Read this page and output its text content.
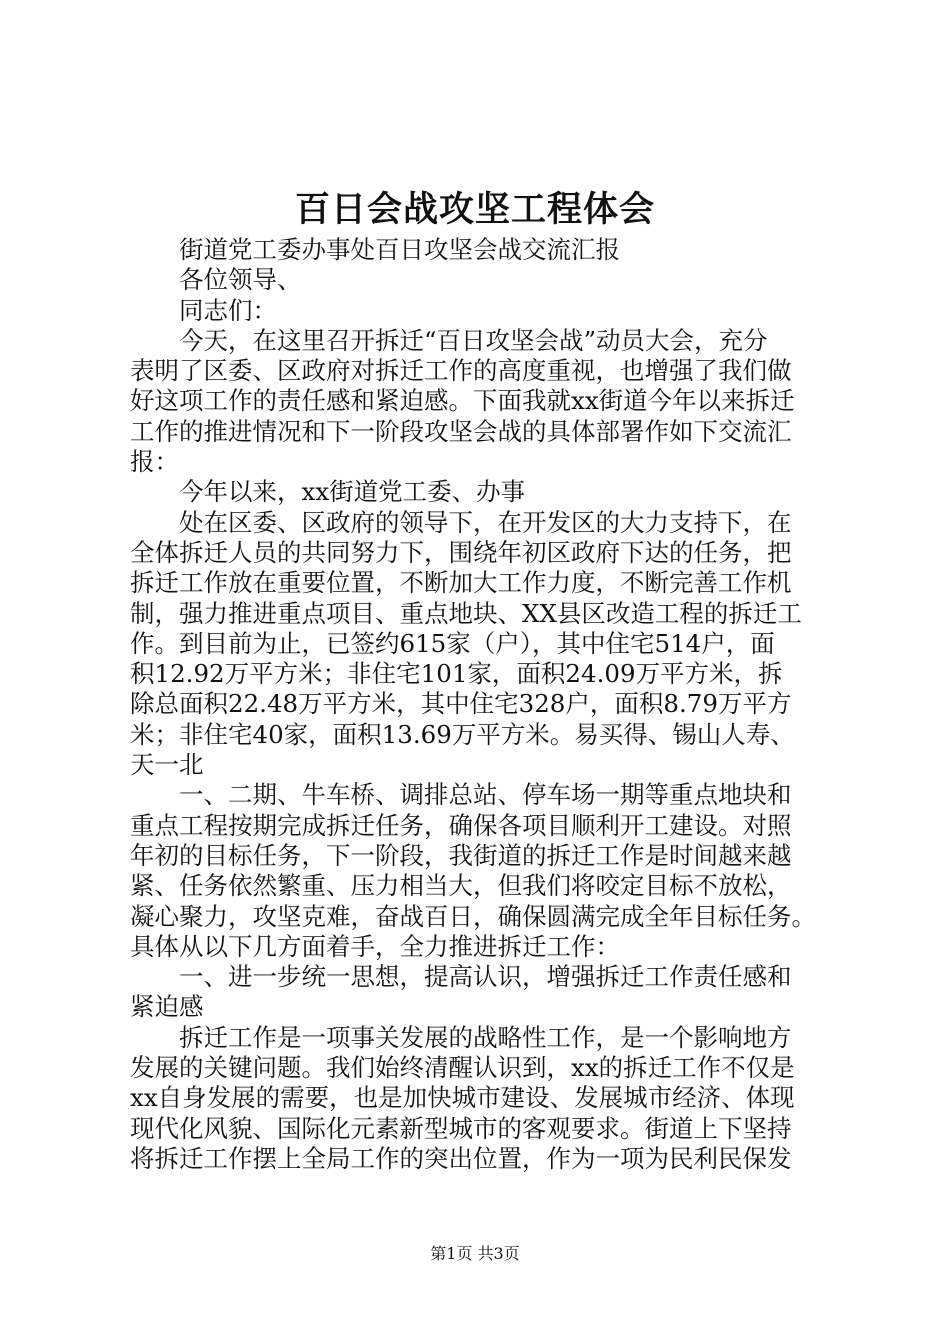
百日会战攻坚工程体会
街道党工委办事处百日攻坚会战交流汇报
各位领导、
同志们：
今天，在这里召开拆迁“百日攻坚会战”动员大会，充分
表明了区委、区政府对拆迁工作的高度重视，也增强了我们做
好这项工作的责任感和紧迫感。下面我就xx街道今年以来拆迁
工作的推进情况和下一阶段攻坚会战的具体部署作如下交流汇
报：
今年以来，xx街道党工委、办事
处在区委、区政府的领导下，在开发区的大力支持下，在
全体拆迁人员的共同努力下，围绕年初区政府下达的任务，把
拆迁工作放在重要位置，不断加大工作力度，不断完善工作机
制，强力推进重点项目、重点地块、XX县区改造工程的拆迁工
作。到目前为止，已签约615家（户），其中住宅514户，面
积12.92万平方米；非住宅101家，面积24.09万平方米，拆
除总面积22.48万平方米，其中住宅328户，面积8.79万平方
米；非住宅40家，面积13.69万平方米。易买得、锡山人寿、
天一北
一、二期、牛车桥、调排总站、停车场一期等重点地块和
重点工程按期完成拆迁任务，确保各项目顺利开工建设。对照
年初的目标任务，下一阶段，我街道的拆迁工作是时间越来越
紧、任务依然繁重、压力相当大，但我们将咬定目标不放松，
凝心聚力，攻坚克难，奋战百日，确保圆满完成全年目标任务。
具体从以下几方面着手，全力推进拆迁工作：
一、进一步统一思想，提高认识，增强拆迁工作责任感和
紧迫感
拆迁工作是一项事关发展的战略性工作，是一个影响地方
发展的关键问题。我们始终清醒认识到，xx的拆迁工作不仅是
xx自身发展的需要，也是加快城市建设、发展城市经济、体现
现代化风貌、国际化元素新型城市的客观要求。街道上下坚持
将拆迁工作摆上全局工作的突出位置，作为一项为民利民保发
第1页 共3页
